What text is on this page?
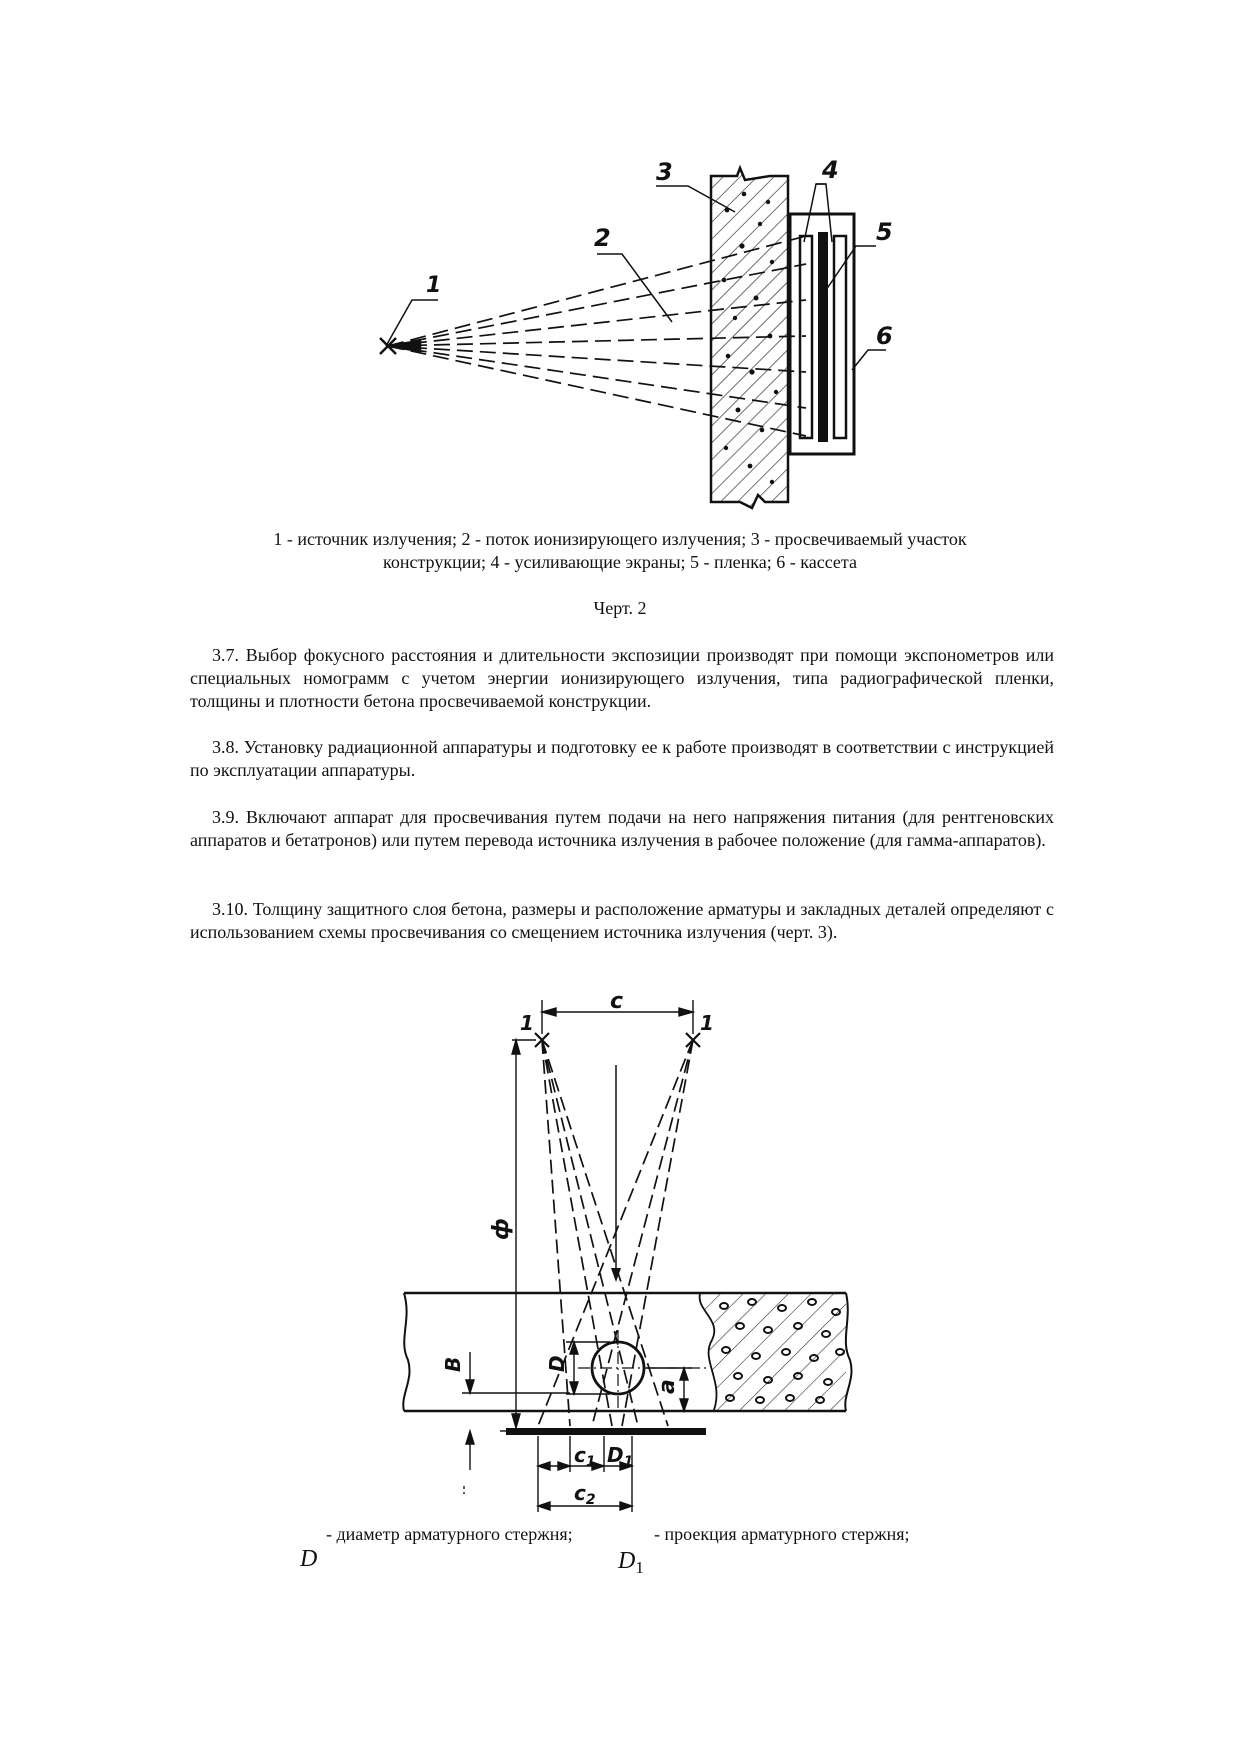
1
2
3	4
5
6
1 - источник излучения; 2 - поток ионизирующего излучения; 3 - просвечиваемый участок
конструкции; 4 - усиливающие экраны; 5 - пленка; 6 - кассета
Черт. 2

3.7. Выбор фокусного расстояния и длительности экспозиции производят при помощи экспонометров или специальных номограмм с учетом энергии ионизирующего излучения, типа радиографической пленки, толщины и плотности бетона просвечиваемой конструкции.

3.8. Установку радиационной аппаратуры и подготовку ее к работе производят в соответствии с инструкцией по эксплуатации аппаратуры.

3.9. Включают аппарат для просвечивания путем подачи на него напряжения питания (для рентгеновских аппаратов и бетатронов) или путем перевода источника излучения в рабочее положение (для гамма-аппаратов).

3.10. Толщину защитного слоя бетона, размеры и расположение арматуры и закладных деталей определяют с использованием схемы просвечивания со смещением источника излучения (черт. 3).

c
1	1
ф
B	D
a
$c_1$ $D_1$
$c_2$
D
- диаметр арматурного стержня;
$D_1$
- проекция арматурного стержня;
